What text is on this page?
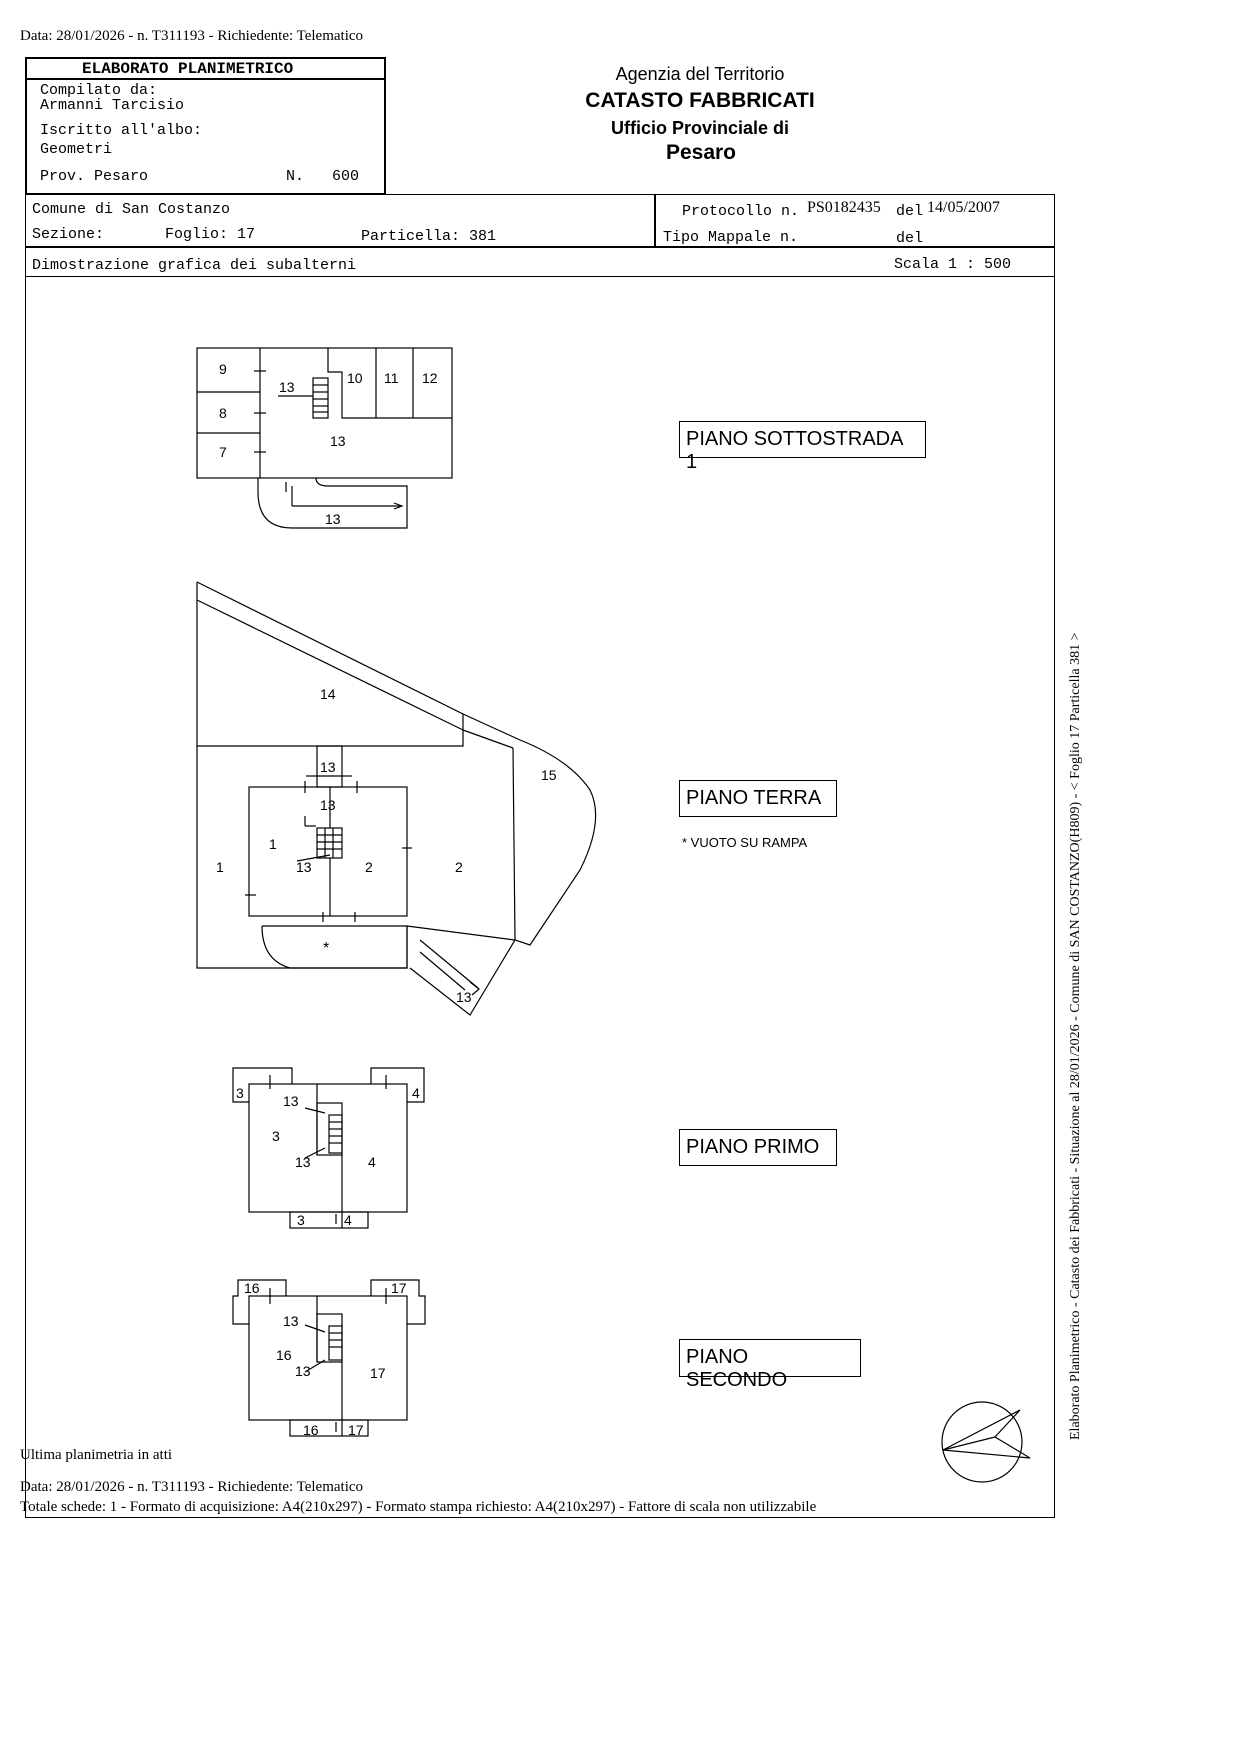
Data: 28/01/2026 - n. T311193 - Richiedente: Telematico
ELABORATO PLANIMETRICO
Compilato da:
Armanni Tarcisio
Iscritto all'albo:
Geometri
Prov. Pesaro	N. 600
Agenzia del Territorio
CATASTO FABBRICATI
Ufficio Provinciale di
Pesaro
Comune di San Costanzo
Sezione:	Foglio: 17	Particella: 381
Protocollo n. PS0182435 del 14/05/2007
Tipo Mappale n.	del
Dimostrazione grafica dei subalterni	Scala 1 : 500
PIANO SOTTOSTRADA 1
PIANO TERRA
* VUOTO SU RAMPA
PIANO PRIMO
PIANO SECONDO
9
8
7
13
10 11 12
13
13
14
15
13
13
1
1	13	2	2
*
13
3	4
13
3
13	4
3	4
16	17
13
16
13	17
16 17	Elaborato Planimetrico - Catasto dei Fabbricati - Situazione al 28/01/2026 - Comune di SAN COSTANZO(H809) - < Foglio 17 Particella 381 >
Ultima planimetria in atti
Data: 28/01/2026 - n. T311193 - Richiedente: Telematico
Totale schede: 1 - Formato di acquisizione: A4(210x297) - Formato stampa richiesto: A4(210x297) - Fattore di scala non utilizzabile
